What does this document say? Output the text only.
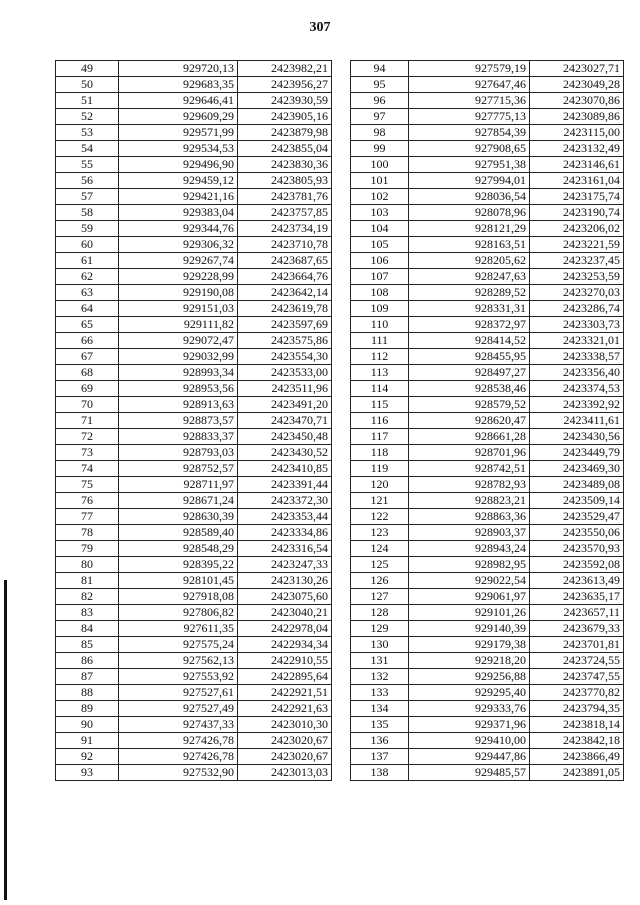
307
49	929720,13	2423982,21
50	929683,35	2423956,27
51	929646,41	2423930,59
52	929609,29	2423905,16
53	929571,99	2423879,98
54	929534,53	2423855,04
55	929496,90	2423830,36
56	929459,12	2423805,93
57	929421,16	2423781,76
58	929383,04	2423757,85
59	929344,76	2423734,19
60	929306,32	2423710,78
61	929267,74	2423687,65
62	929228,99	2423664,76
63	929190,08	2423642,14
64	929151,03	2423619,78
65	929111,82	2423597,69
66	929072,47	2423575,86
67	929032,99	2423554,30
68	928993,34	2423533,00
69	928953,56	2423511,96
70	928913,63	2423491,20
71	928873,57	2423470,71
72	928833,37	2423450,48
73	928793,03	2423430,52
74	928752,57	2423410,85
75	928711,97	2423391,44
76	928671,24	2423372,30
77	928630,39	2423353,44
78	928589,40	2423334,86
79	928548,29	2423316,54
80	928395,22	2423247,33
81	928101,45	2423130,26
82	927918,08	2423075,60
83	927806,82	2423040,21
84	927611,35	2422978,04
85	927575,24	2422934,34
86	927562,13	2422910,55
87	927553,92	2422895,64
88	927527,61	2422921,51
89	927527,49	2422921,63
90	927437,33	2423010,30
91	927426,78	2423020,67
92	927426,78	2423020,67
93	927532,90	2423013,03
94	927579,19	2423027,71
95	927647,46	2423049,28
96	927715,36	2423070,86
97	927775,13	2423089,86
98	927854,39	2423115,00
99	927908,65	2423132,49
100	927951,38	2423146,61
101	927994,01	2423161,04
102	928036,54	2423175,74
103	928078,96	2423190,74
104	928121,29	2423206,02
105	928163,51	2423221,59
106	928205,62	2423237,45
107	928247,63	2423253,59
108	928289,52	2423270,03
109	928331,31	2423286,74
110	928372,97	2423303,73
111	928414,52	2423321,01
112	928455,95	2423338,57
113	928497,27	2423356,40
114	928538,46	2423374,53
115	928579,52	2423392,92
116	928620,47	2423411,61
117	928661,28	2423430,56
118	928701,96	2423449,79
119	928742,51	2423469,30
120	928782,93	2423489,08
121	928823,21	2423509,14
122	928863,36	2423529,47
123	928903,37	2423550,06
124	928943,24	2423570,93
125	928982,95	2423592,08
126	929022,54	2423613,49
127	929061,97	2423635,17
128	929101,26	2423657,11
129	929140,39	2423679,33
130	929179,38	2423701,81
131	929218,20	2423724,55
132	929256,88	2423747,55
133	929295,40	2423770,82
134	929333,76	2423794,35
135	929371,96	2423818,14
136	929410,00	2423842,18
137	929447,86	2423866,49
138	929485,57	2423891,05
